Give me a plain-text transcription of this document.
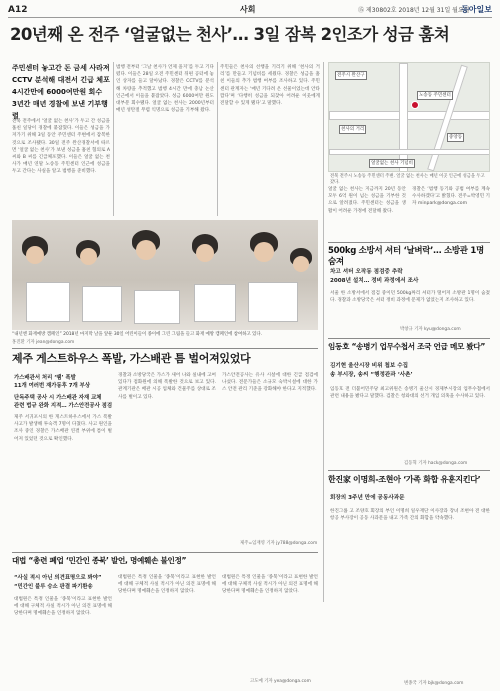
A12	사회	⑮ 제30802호 2018년 12월 31일 월요일
동아일보
20년째 온 전주 ‘얼굴없는 천사’… 3일 잠복 2인조가 성금 훔쳐
주민센터 놓고간 돈 금세 사라져
CCTV 분석해 대전서 긴급 체포
4시간만에 6000여만원 회수
3년간 매년 경찰에 보낸 기부행렬
전북 전주에서 ‘얼굴 없는 천사’가 두고 간 성금을 훔친 일당이 경찰에 붙잡혔다. 이들은 성금을 가져가기 위해 3일 동안 주민센터 주변에서 잠복한 것으로 조사됐다. 30일 전주 완산경찰서에 따르면 ‘얼굴 없는 천사’가 보낸 성금을 훔친 혐의로 A 씨와 B 씨를 긴급체포했다. 이들은 얼굴 없는 천사가 매년 연말 노송동 주민센터 인근에 성금을 두고 간다는 사실을 알고 범행을 준비했다.
범행 전부터 ‘그날 천사가 언제 올지’를 두고 기다렸다. 이들은 28일 오전 주민센터 뒤편 공터에 놓인 상자를 들고 달아났다. 경찰은 CCTV를 분석해 차량을 추적했고 범행 4시간 만에 충남 논산 인근에서 이들을 붙잡았다. 성금 6000여만 원도 대부분 회수됐다. 얼굴 없는 천사는 2000년부터 매년 성탄절 무렵 익명으로 성금을 기부해 왔다.
주민들은 천사의 선행을 기리기 위해 ‘천사의 거리’를 만들고 기념비를 세웠다. 경찰은 성금을 훔친 이들의 추가 범행 여부를 조사하고 있다. 주민센터 관계자는 ‘매년 기다려 온 선물이었는데 안타깝다’며 ‘다행히 성금을 되찾아 어려운 이웃에게 전달할 수 있게 됐다’고 말했다.
노송동 주민센터
전주시 완산구
천사의 거리
중앙동
얼굴없는 천사 기념비
전북 전주시 노송동 주민센터 주변. 얼굴 없는 천사는 매년 이곳 인근에 성금을 두고 갔다.
얼굴 없는 천사는 지금까지 20년 동안 모두 6억 원이 넘는 성금을 기부한 것으로 알려졌다. 주민센터는 성금을 생활이 어려운 가정에 전달해 왔다.
경찰은 ‘범행 동기와 공범 여부를 계속 수사하겠다’고 밝혔다. 전주=박영민 기자 minpark@donga.com
“내년엔 화재예방 캠페인” 2018년 마지막 날을 앞둔 30일 어린이들이 종이에 그린 그림을 들고 화재 예방 캠페인에 참여하고 있다.
홍진환 기자 jean@donga.com
500kg 소방서 셔터 ‘날벼락’… 소방관 1명 숨져
차고 셔터 오작동 점검중 추락
2008년 설치… 정비 과정에서 조사
서울 한 소방서에서 점검 중이던 500kg짜리 셔터가 떨어져 소방관 1명이 숨졌다. 경찰과 소방당국은 셔터 정비 과정에 문제가 없었는지 조사하고 있다.
박창규 기자 kyu@donga.com
제주 게스트하우스 폭발, 가스배관 틈 벌어져있었다
가스배관서 처리 ‘땜’ 폭발
11개 여러번 재가동후 7개 부상
단독주택 공사 시 가스배관 자재 교체
관련 법규 완화 지적… 가스안전공사 점검
제주 서귀포시의 한 게스트하우스에서 가스 폭발 사고가 발생해 투숙객 7명이 다쳤다. 사고 원인을 조사 중인 경찰은 가스배관 연결 부위에 틈이 벌어져 있었던 것으로 확인했다.
경찰과 소방당국은 가스가 새어 나와 실내에 고여 있다가 점화원에 의해 폭발한 것으로 보고 있다. 관계기관은 배관 시공 업체와 건물주를 상대로 조사를 벌이고 있다.
가스안전공사는 유사 시설에 대한 긴급 점검에 나섰다. 전문가들은 소규모 숙박시설에 대한 가스 안전 관리 기준을 강화해야 한다고 지적했다.
제주=임재영 기자 jy788@donga.com
임동호 “송병기 업무수첩서 조국 언급 메모 봤다”
김기현 울산시장 비위 첩보 수집
송 부시장, 송씨 “행정관과 ‘사촌’
임동호 전 더불어민주당 최고위원은 송병기 울산시 경제부시장의 업무수첩에서 관련 내용을 봤다고 말했다. 검찰은 청와대의 선거 개입 의혹을 수사하고 있다.
김동혁 기자 hack@donga.com
한진家 이명희-조현아 ‘가족 화합 유훈지킨다’
회장의 3주년 만에 공동사과문
한진그룹 고 조양호 회장의 부인 이명희 일우재단 이사장과 장녀 조현아 전 대한항공 부사장이 공동 사과문을 내고 가족 간의 화합을 약속했다.
변종국 기자 bjk@donga.com
대법 “총련 폐업 ‘민간인 종북’ 발언, 명예훼손 불인정”
“사실 적시 아닌 의견표명으로 봐야”
“민간인 불루 승소 판결 파기환송
대법원은 특정 인물을 ‘종북’이라고 표현한 발언에 대해 구체적 사실 적시가 아닌 의견 표명에 해당한다며 명예훼손을 인정하지 않았다.
대법원은 특정 인물을 ‘종북’이라고 표현한 발언에 대해 구체적 사실 적시가 아닌 의견 표명에 해당한다며 명예훼손을 인정하지 않았다.
대법원은 특정 인물을 ‘종북’이라고 표현한 발언에 대해 구체적 사실 적시가 아닌 의견 표명에 해당한다며 명예훼손을 인정하지 않았다.
고도예 기자 yea@donga.com
